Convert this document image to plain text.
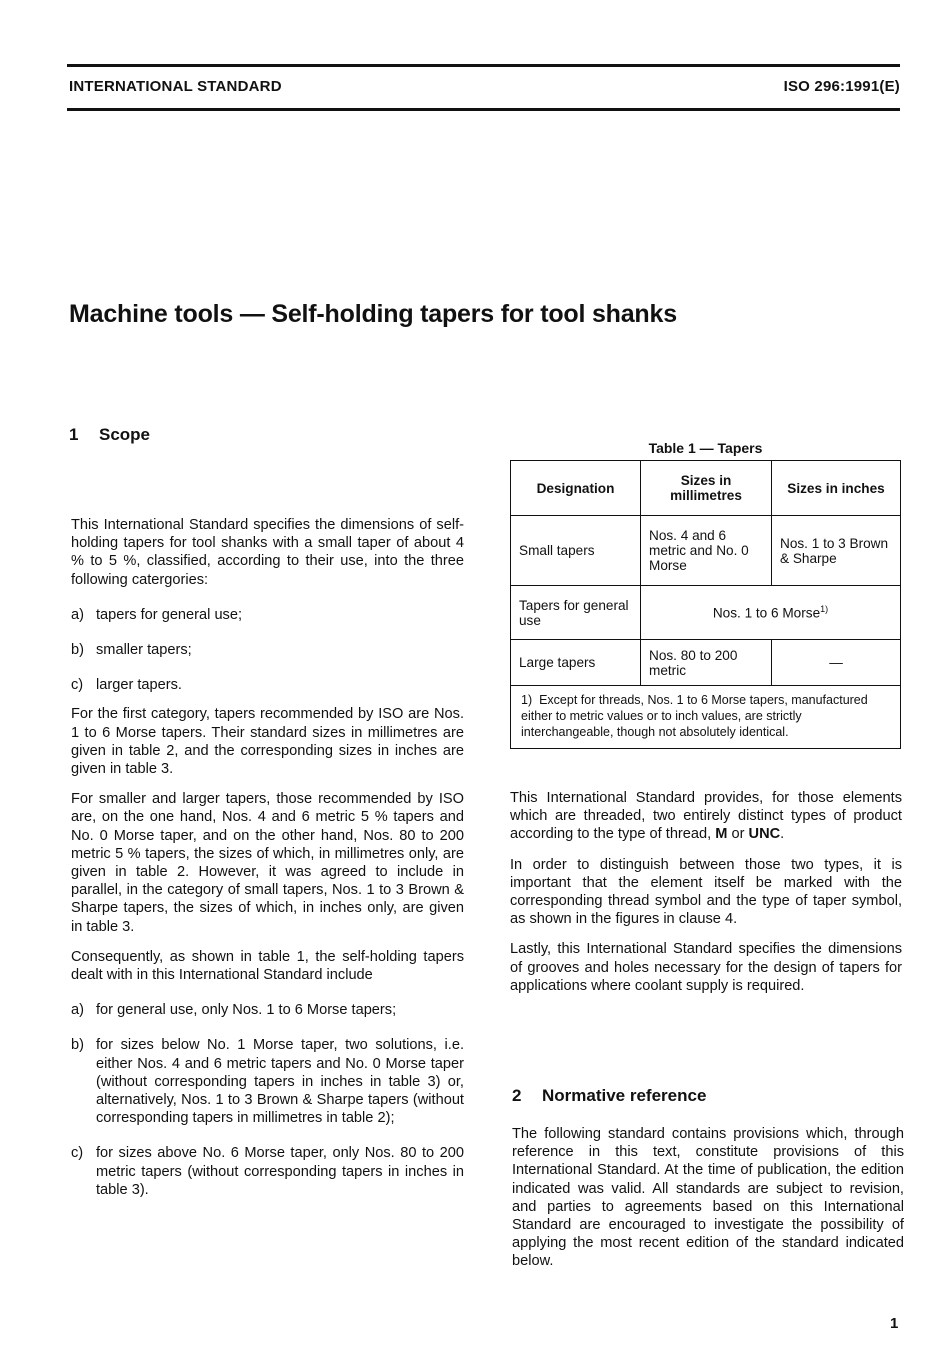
INTERNATIONAL STANDARD	ISO 296:1991(E)
Machine tools — Self-holding tapers for tool shanks
1 Scope

This International Standard specifies the dimensions of self-holding tapers for tool shanks with a small taper of about 4 % to 5 %, classified, according to their use, into the three following catergories:

a) tapers for general use;
b) smaller tapers;
c) larger tapers.

For the first category, tapers recommended by ISO are Nos. 1 to 6 Morse tapers. Their standard sizes in millimetres are given in table 2, and the corresponding sizes in inches are given in table 3.

For smaller and larger tapers, those recommended by ISO are, on the one hand, Nos. 4 and 6 metric 5 % tapers and No. 0 Morse taper, and on the other hand, Nos. 80 to 200 metric 5 % tapers, the sizes of which, in millimetres only, are given in table 2. However, it was agreed to include in parallel, in the category of small tapers, Nos. 1 to 3 Brown & Sharpe tapers, the sizes of which, in inches only, are given in table 3.

Consequently, as shown in table 1, the self-holding tapers dealt with in this International Standard include

a) for general use, only Nos. 1 to 6 Morse tapers;
b) for sizes below No. 1 Morse taper, two solutions, i.e. either Nos. 4 and 6 metric tapers and No. 0 Morse taper (without corresponding tapers in inches in table 3) or, alternatively, Nos. 1 to 3 Brown & Sharpe tapers (without corresponding tapers in millimetres in table 2);
c) for sizes above No. 6 Morse taper, only Nos. 80 to 200 metric tapers (without corresponding tapers in inches in table 3).
Table 1 — Tapers
Designation	Sizes in millimetres	Sizes in inches
Small tapers	Nos. 4 and 6 metric and No. 0 Morse	Nos. 1 to 3 Brown & Sharpe
Tapers for general use	Nos. 1 to 6 Morse$^{1)}$
Large tapers	Nos. 80 to 200 metric	—
1) Except for threads, Nos. 1 to 6 Morse tapers, manufactured either to metric values or to inch values, are strictly interchangeable, though not absolutely identical.		

This International Standard provides, for those elements which are threaded, two entirely distinct types of product according to the type of thread, M or UNC.

In order to distinguish between those two types, it is important that the element itself be marked with the corresponding thread symbol and the type of taper symbol, as shown in the figures in clause 4.

Lastly, this International Standard specifies the dimensions of grooves and holes necessary for the design of tapers for applications where coolant supply is required.

2 Normative reference

The following standard contains provisions which, through reference in this text, constitute provisions of this International Standard. At the time of publication, the edition indicated was valid. All standards are subject to revision, and parties to agreements based on this International Standard are encouraged to investigate the possibility of applying the most recent edition of the standard indicated below.

1
